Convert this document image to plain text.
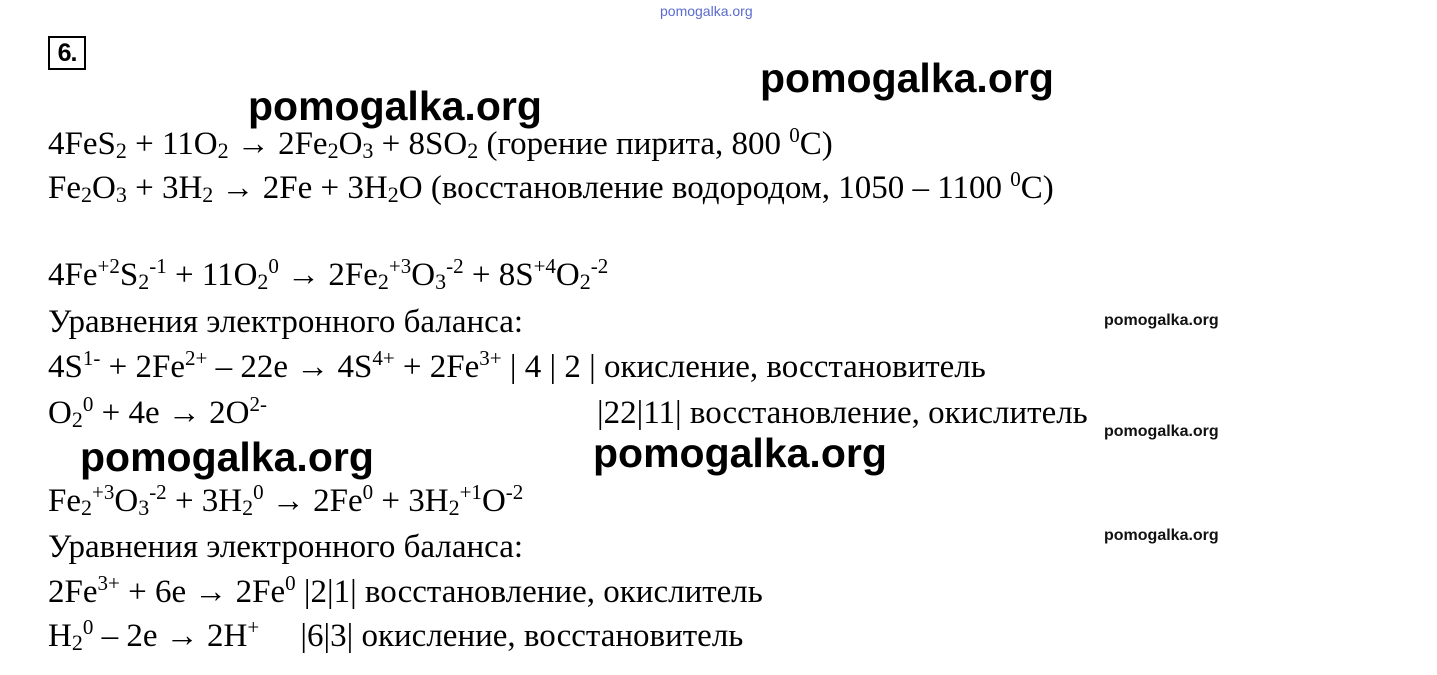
pomogalka.org
pomogalka.org
pomogalka.org
pomogalka.org	pomogalka.org
pomogalka.org
pomogalka.org
pomogalka.org
6.
$4FeS_2 + 11O_2 \to 2Fe_2O_3 + 8SO_2$ (горение пирита, 800 $^0$C)
$Fe_2O_3 + 3H_2 \to 2Fe + 3H_2O$ (восстановление водородом, 1050 – 1100 $^0$C)
$4Fe^{+2}S_2^{-1} + 11O_2^0 \to 2Fe_2^{+3}O_3^{-2} + 8S^{+4}O_2^{-2}$
Уравнения электронного баланса:
$4S^{1-} + 2Fe^{2+} - 22e \to 4S^{4+} + 2Fe^{3+}$ | 4 | 2 | окисление, восстановитель
$O_2^0 + 4e \to 2O^{2-}$	|22|11| восстановление, окислитель
$Fe_2^{+3}O_3^{-2} + 3H_2^0 \to 2Fe^0 + 3H_2^{+1}O^{-2}$
Уравнения электронного баланса:
$2Fe^{3+} + 6e \to 2Fe^0$ |2|1| восстановление, окислитель
$H_2^0 - 2e \to 2H^+$     |6|3| окисление, восстановитель
